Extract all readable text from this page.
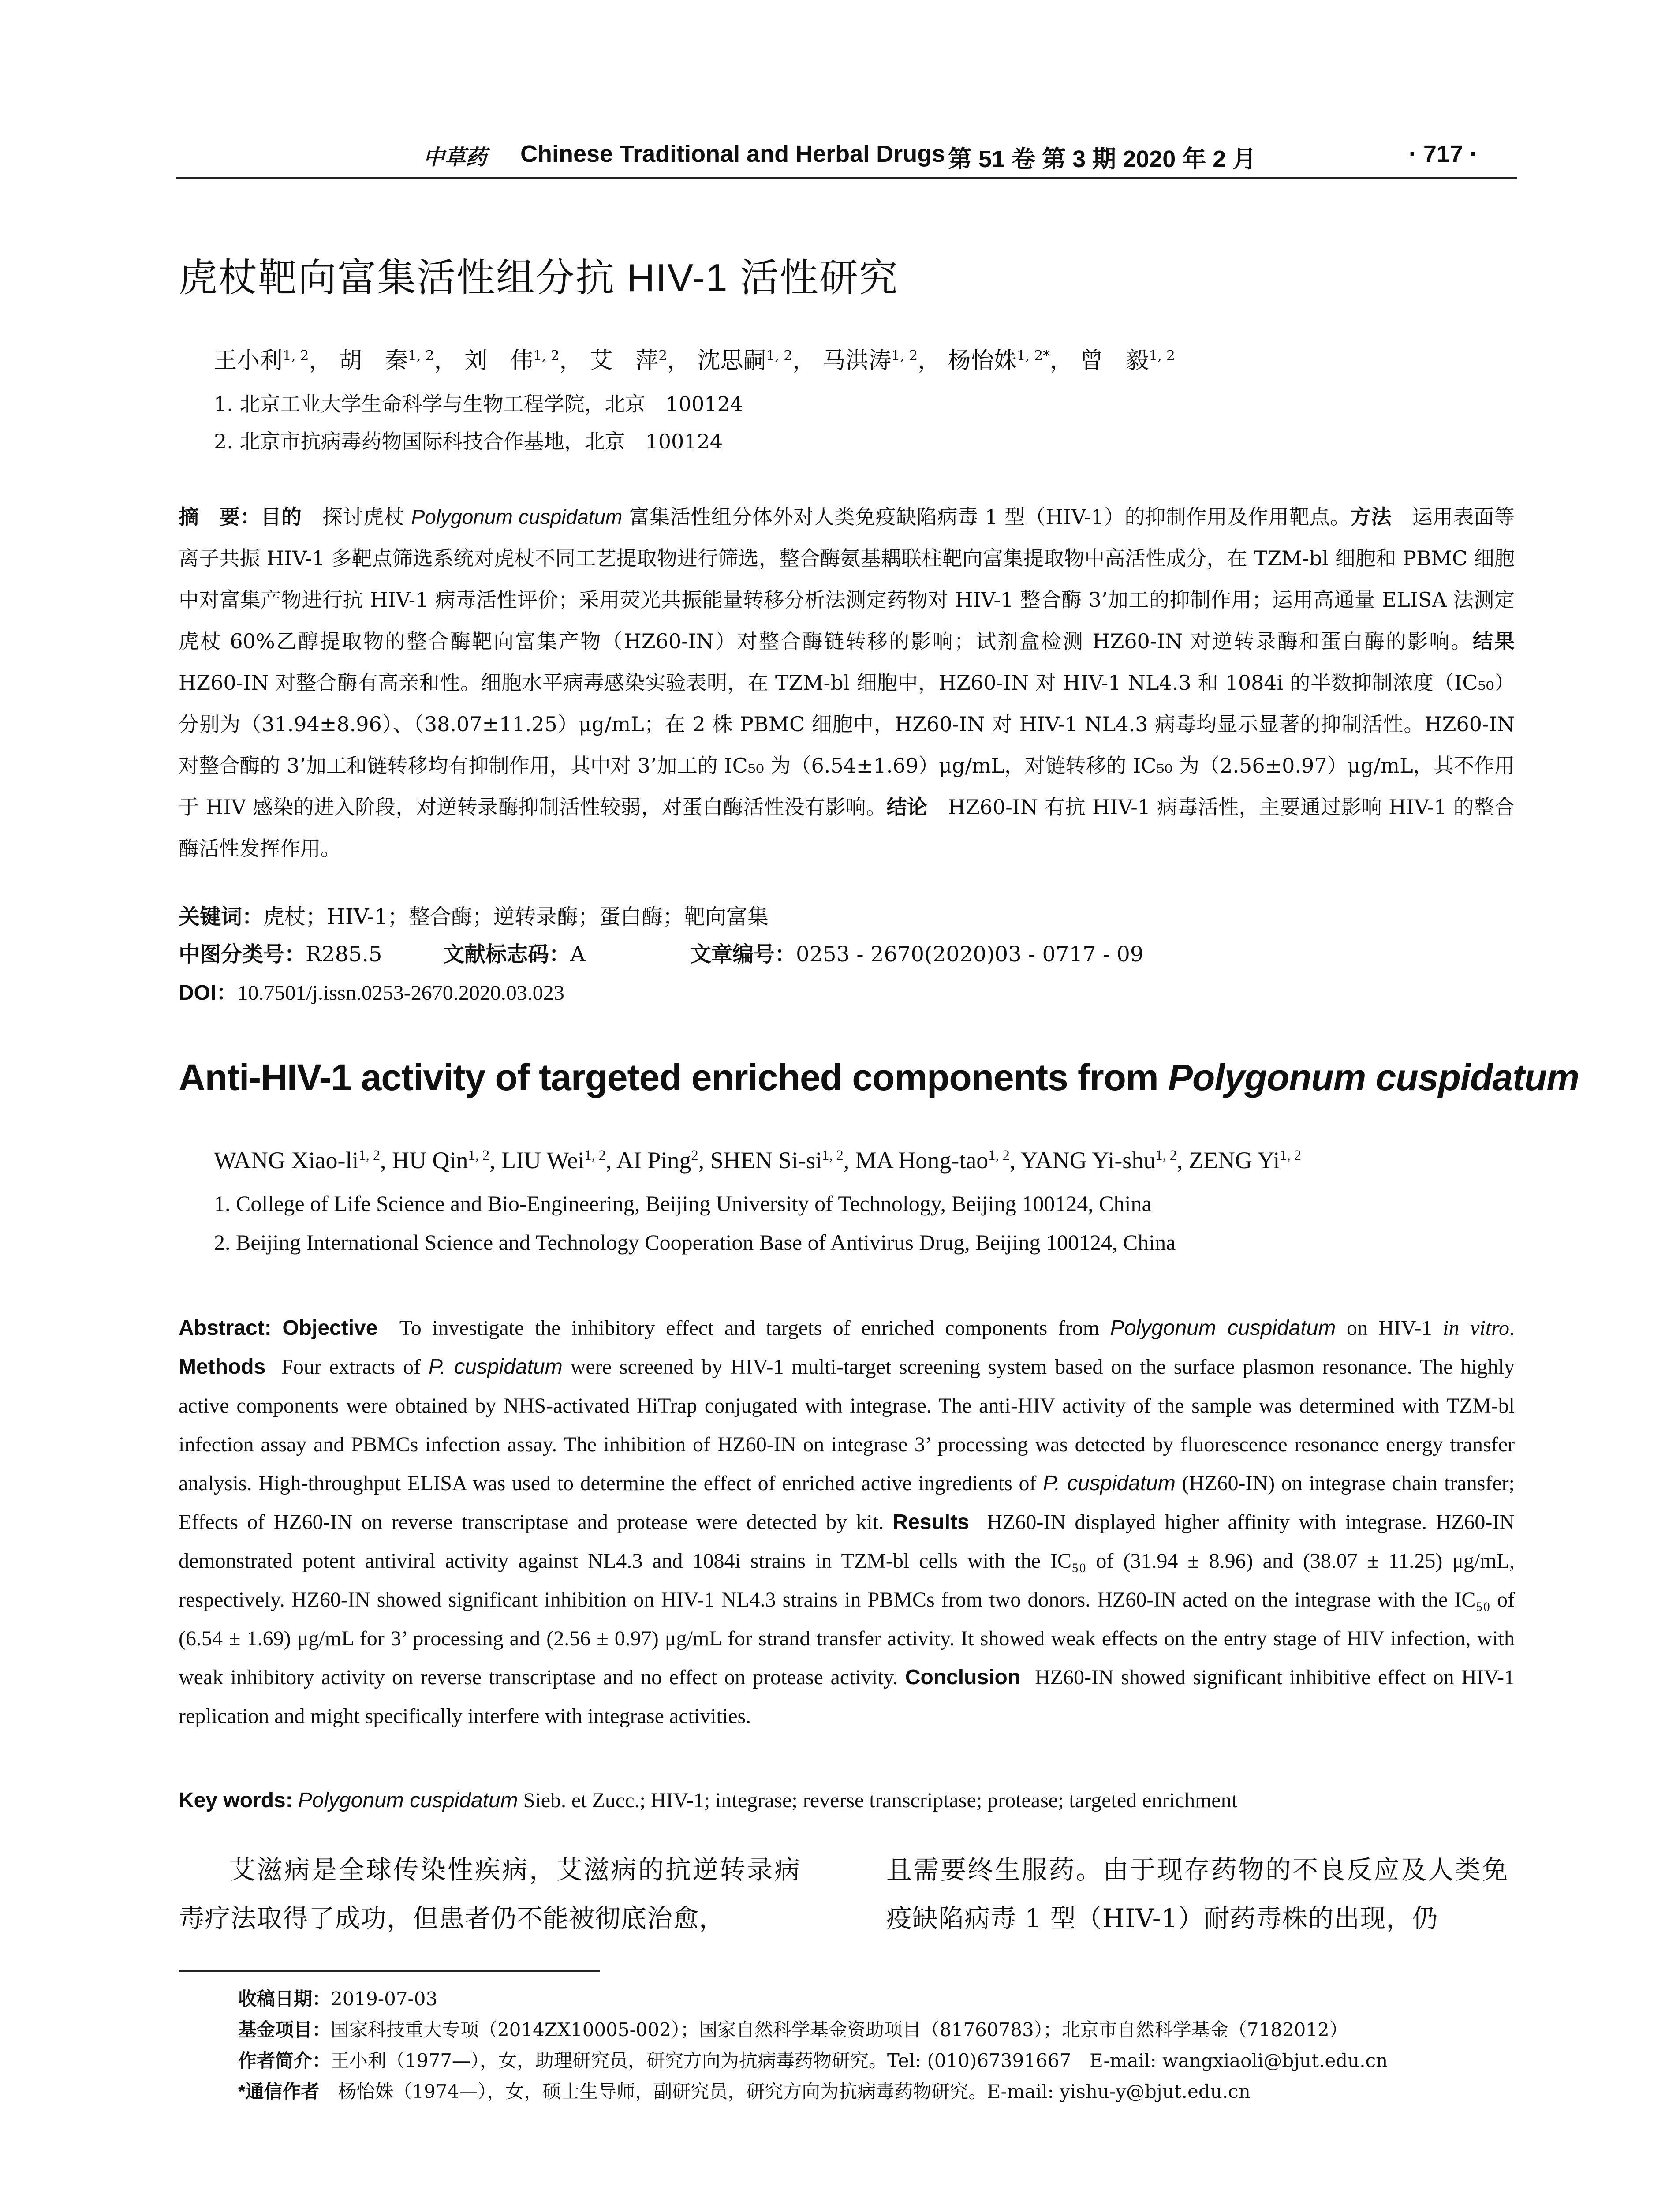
中草药 Chinese Traditional and Herbal Drugs 第 51 卷 第 3 期 2020 年 2 月	· 717 ·
虎杖靶向富集活性组分抗 HIV-1 活性研究
王小利$^{1, 2}$， 胡　秦$^{1, 2}$， 刘　伟$^{1, 2}$， 艾　萍$^2$， 沈思嗣$^{1, 2}$， 马洪涛$^{1, 2}$， 杨怡姝$^{1, 2*}$， 曾　毅$^{1, 2}$
1. 北京工业大学生命科学与生物工程学院，北京　100124
2. 北京市抗病毒药物国际科技合作基地，北京　100124
摘　要：目的　 探讨虎杖 Polygonum cuspidatum 富集活性组分体外对人类免疫缺陷病毒 1 型（HIV-1）的抑制作用及作用靶点。方法　 运用表面等离子共振 HIV-1 多靶点筛选系统对虎杖不同工艺提取物进行筛选，整合酶氨基耦联柱靶向富集提取物中高活性成分，在 TZM-bl 细胞和 PBMC 细胞中对富集产物进行抗 HIV-1 病毒活性评价；采用荧光共振能量转移分析法测定药物对 HIV-1 整合酶 3’加工的抑制作用；运用高通量 ELISA 法测定虎杖 60%乙醇提取物的整合酶靶向富集产物（HZ60-IN）对整合酶链转移的影响；试剂盒检测 HZ60-IN 对逆转录酶和蛋白酶的影响。结果　HZ60-IN 对整合酶有高亲和性。细胞水平病毒感染实验表明，在 TZM-bl 细胞中，HZ60-IN 对 HIV-1 NL4.3 和 1084i 的半数抑制浓度（IC₅₀）分别为（31.94±8.96）、（38.07±11.25）μg/mL；在 2 株 PBMC 细胞中，HZ60-IN 对 HIV-1 NL4.3 病毒均显示显著的抑制活性。HZ60-IN 对整合酶的 3’加工和链转移均有抑制作用，其中对 3’加工的 IC₅₀ 为（6.54±1.69）μg/mL，对链转移的 IC₅₀ 为（2.56±0.97）μg/mL，其不作用于 HIV 感染的进入阶段，对逆转录酶抑制活性较弱，对蛋白酶活性没有影响。结论　 HZ60-IN 有抗 HIV-1 病毒活性，主要通过影响 HIV-1 的整合酶活性发挥作用。
关键词：虎杖；HIV-1；整合酶；逆转录酶；蛋白酶；靶向富集
中图分类号：R285.5	文献标志码：A	文章编号：0253 - 2670(2020)03 - 0717 - 09
DOI：10.7501/j.issn.0253-2670.2020.03.023
Anti-HIV-1 activity of targeted enriched components from Polygonum cuspidatum
WANG Xiao-li$^{1, 2}$, HU Qin$^{1, 2}$, LIU Wei$^{1, 2}$, AI Ping$^2$, SHEN Si-si$^{1, 2}$, MA Hong-tao$^{1, 2}$, YANG Yi-shu$^{1, 2}$, ZENG Yi$^{1, 2}$
1. College of Life Science and Bio-Engineering, Beijing University of Technology, Beijing 100124, China
2. Beijing International Science and Technology Cooperation Base of Antivirus Drug, Beijing 100124, China
Abstract: Objective To investigate the inhibitory effect and targets of enriched components from Polygonum cuspidatum on HIV-1 in vitro. Methods Four extracts of P. cuspidatum were screened by HIV-1 multi-target screening system based on the surface plasmon resonance. The highly active components were obtained by NHS-activated HiTrap conjugated with integrase. The anti-HIV activity of the sample was determined with TZM-bl infection assay and PBMCs infection assay. The inhibition of HZ60-IN on integrase 3’ processing was detected by fluorescence resonance energy transfer analysis. High-throughput ELISA was used to determine the effect of enriched active ingredients of P. cuspidatum (HZ60-IN) on integrase chain transfer; Effects of HZ60-IN on reverse transcriptase and protease were detected by kit. Results HZ60-IN displayed higher affinity with integrase. HZ60-IN demonstrated potent antiviral activity against NL4.3 and 1084i strains in TZM-bl cells with the IC₅₀ of (31.94 ± 8.96) and (38.07 ± 11.25) μg/mL, respectively. HZ60-IN showed significant inhibition on HIV-1 NL4.3 strains in PBMCs from two donors. HZ60-IN acted on the integrase with the IC₅₀ of (6.54 ± 1.69) μg/mL for 3’ processing and (2.56 ± 0.97) μg/mL for strand transfer activity. It showed weak effects on the entry stage of HIV infection, with weak inhibitory activity on reverse transcriptase and no effect on protease activity. Conclusion HZ60-IN showed significant inhibitive effect on HIV-1 replication and might specifically interfere with integrase activities.
Key words: Polygonum cuspidatum Sieb. et Zucc.; HIV-1; integrase; reverse transcriptase; protease; targeted enrichment
艾滋病是全球传染性疾病，艾滋病的抗逆转录病毒疗法取得了成功，但患者仍不能被彻底治愈，
且需要终生服药。由于现存药物的不良反应及人类免疫缺陷病毒 1 型（HIV-1）耐药毒株的出现，仍
收稿日期：2019-07-03
基金项目：国家科技重大专项（2014ZX10005-002）；国家自然科学基金资助项目（81760783）；北京市自然科学基金（7182012）
作者简介：王小利（1977—），女，助理研究员，研究方向为抗病毒药物研究。Tel: (010)67391667　E-mail: wangxiaoli@bjut.edu.cn
*通信作者　杨怡姝（1974—），女，硕士生导师，副研究员，研究方向为抗病毒药物研究。E-mail: yishu-y@bjut.edu.cn
